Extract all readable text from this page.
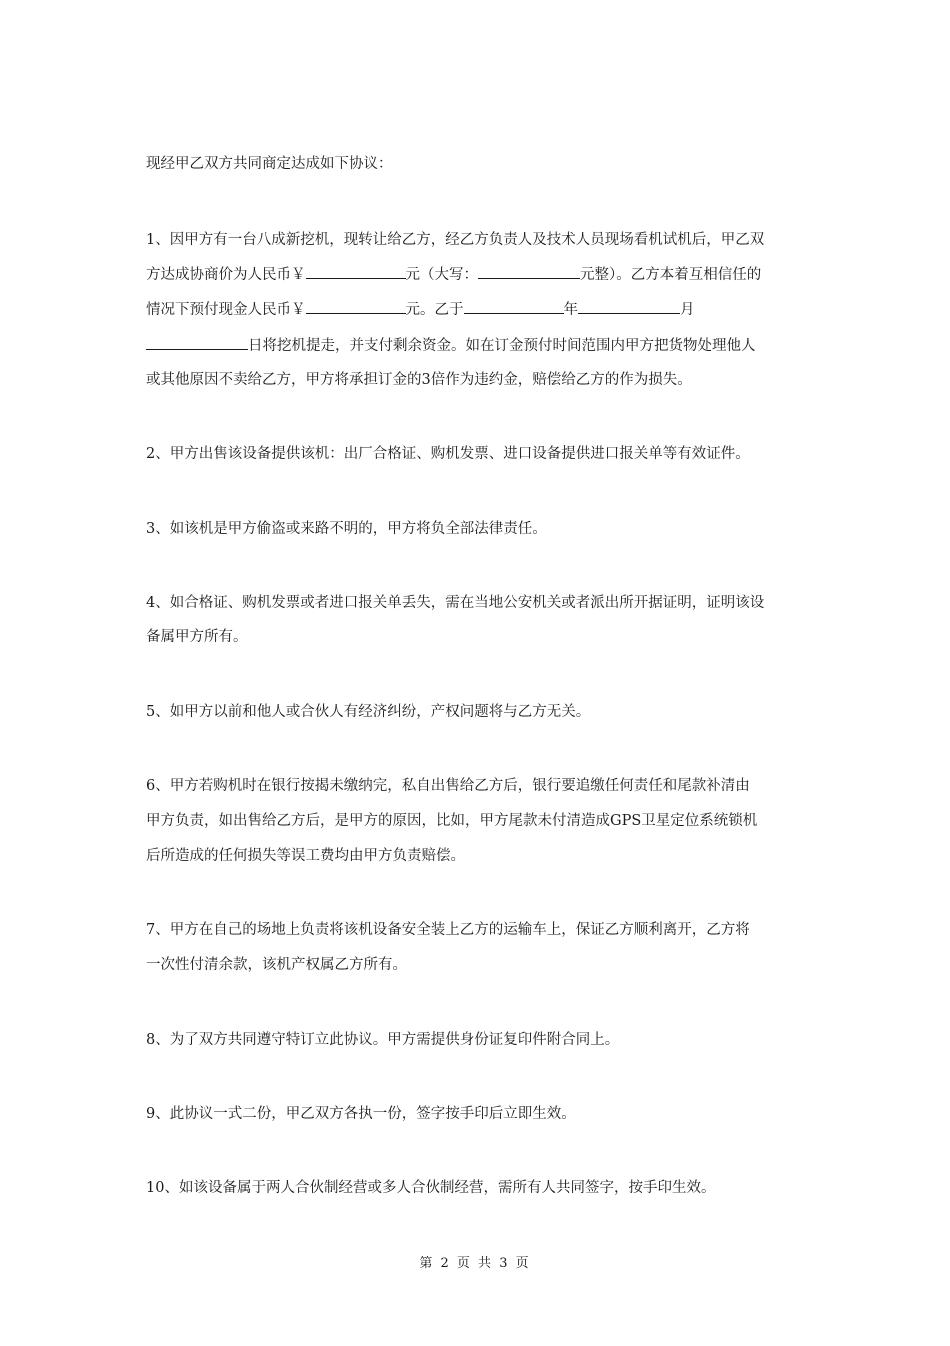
现经甲乙双方共同商定达成如下协议：
1、因甲方有一台八成新挖机，现转让给乙方，经乙方负责人及技术人员现场看机试机后，甲乙双
方达成协商价为人民币￥	元（大写：	元整）。乙方本着互相信任的
情况下预付现金人民币￥	元。乙于	年	月
日将挖机提走，并支付剩余资金。如在订金预付时间范围内甲方把货物处理他人
或其他原因不卖给乙方，甲方将承担订金的3倍作为违约金，赔偿给乙方的作为损失。
2、甲方出售该设备提供该机：出厂合格证、购机发票、进口设备提供进口报关单等有效证件。
3、如该机是甲方偷盗或来路不明的，甲方将负全部法律责任。
4、如合格证、购机发票或者进口报关单丢失，需在当地公安机关或者派出所开据证明，证明该设
备属甲方所有。
5、如甲方以前和他人或合伙人有经济纠纷，产权问题将与乙方无关。
6、甲方若购机时在银行按揭未缴纳完，私自出售给乙方后，银行要追缴任何责任和尾款补清由
甲方负责，如出售给乙方后，是甲方的原因，比如，甲方尾款未付清造成GPS卫星定位系统锁机
后所造成的任何损失等误工费均由甲方负责赔偿。
7、甲方在自己的场地上负责将该机设备安全装上乙方的运输车上，保证乙方顺利离开，乙方将
一次性付清余款，该机产权属乙方所有。
8、为了双方共同遵守特订立此协议。甲方需提供身份证复印件附合同上。
9、此协议一式二份，甲乙双方各执一份，签字按手印后立即生效。
10、如该设备属于两人合伙制经营或多人合伙制经营，需所有人共同签字，按手印生效。
第 2 页 共 3 页
